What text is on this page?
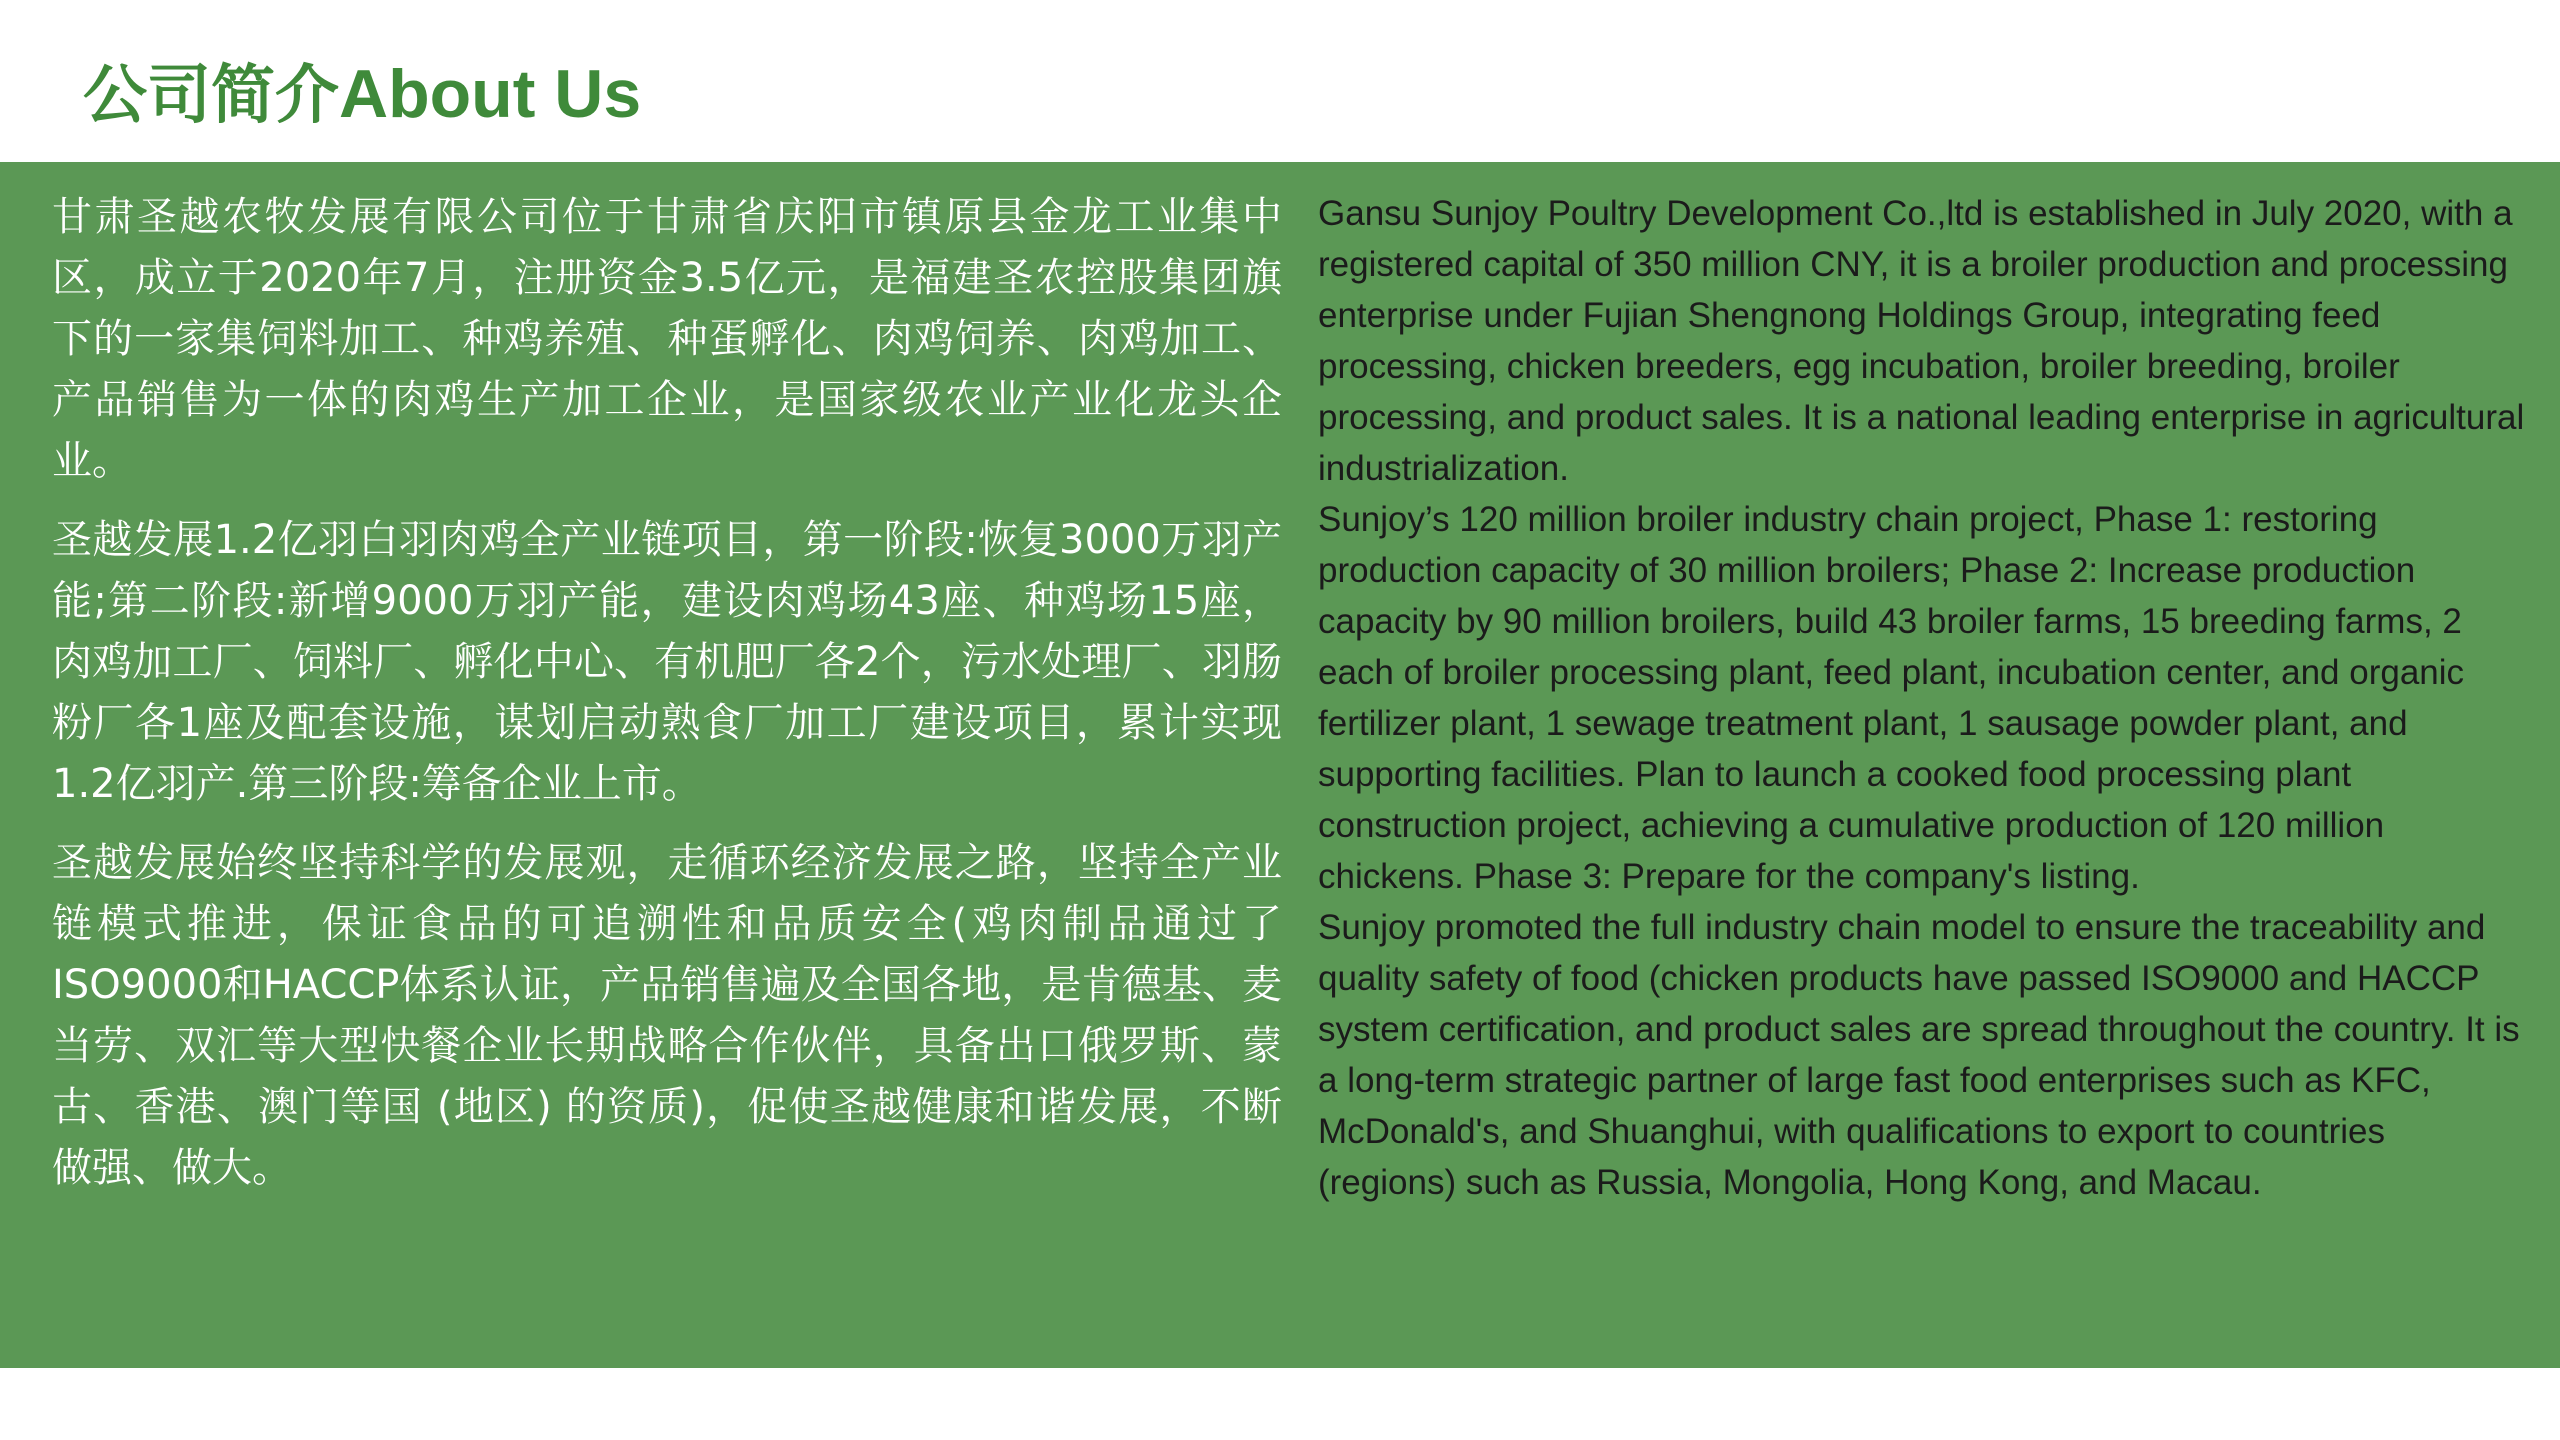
公司简介About Us

甘肃圣越农牧发展有限公司位于甘肃省庆阳市镇原县金龙工业集中区，成立于2020年7月，注册资金3.5亿元，是福建圣农控股集团旗下的一家集饲料加工、种鸡养殖、种蛋孵化、肉鸡饲养、肉鸡加工、产品销售为一体的肉鸡生产加工企业，是国家级农业产业化龙头企业。

圣越发展1.2亿羽白羽肉鸡全产业链项目，第一阶段:恢复3000万羽产能;第二阶段:新增9000万羽产能，建设肉鸡场43座、种鸡场15座，肉鸡加工厂、饲料厂、孵化中心、有机肥厂各2个，污水处理厂、羽肠粉厂各1座及配套设施，谋划启动熟食厂加工厂建设项目，累计实现1.2亿羽产.第三阶段:筹备企业上市。

圣越发展始终坚持科学的发展观，走循环经济发展之路，坚持全产业链模式推进，保证食品的可追溯性和品质安全(鸡肉制品通过了ISO9000和HACCP体系认证，产品销售遍及全国各地，是肯德基、麦当劳、双汇等大型快餐企业长期战略合作伙伴，具备出口俄罗斯、蒙古、香港、澳门等国 (地区) 的资质)，促使圣越健康和谐发展，不断做强、做大。

Gansu Sunjoy Poultry Development Co.,ltd is established in July 2020, with a registered capital of 350 million CNY, it is a broiler production and processing enterprise under Fujian Shengnong Holdings Group, integrating feed processing, chicken breeders, egg incubation, broiler breeding, broiler processing, and product sales. It is a national leading enterprise in agricultural industrialization.
Sunjoy’s 120 million broiler industry chain project, Phase 1: restoring production capacity of 30 million broilers; Phase 2: Increase production capacity by 90 million broilers, build 43 broiler farms, 15 breeding farms, 2 each of broiler processing plant, feed plant, incubation center, and organic fertilizer plant, 1 sewage treatment plant, 1 sausage powder plant, and supporting facilities. Plan to launch a cooked food processing plant construction project, achieving a cumulative production of 120 million chickens. Phase 3: Prepare for the company's listing.
Sunjoy promoted the full industry chain model to ensure the traceability and quality safety of food (chicken products have passed ISO9000 and HACCP system certification, and product sales are spread throughout the country. It is a long-term strategic partner of large fast food enterprises such as KFC, McDonald's, and Shuanghui, with qualifications to export to countries (regions) such as Russia, Mongolia, Hong Kong, and Macau.
